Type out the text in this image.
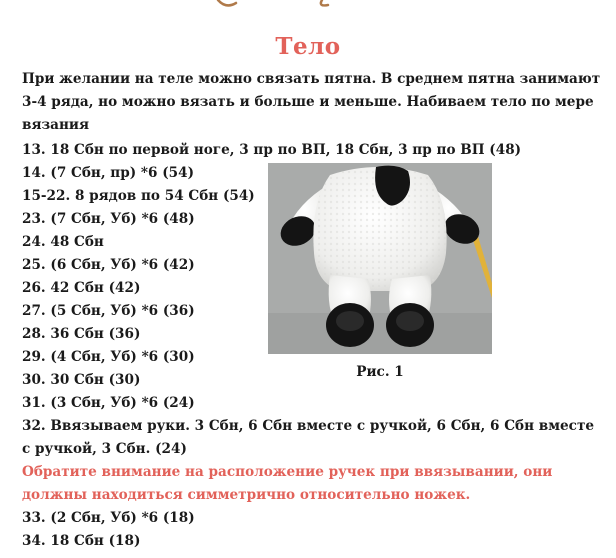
Тело
При желании на теле можно связать пятна. В среднем пятна занимают 3-4 ряда, но можно вязать и больше и меньше. Набиваем тело по мере вязания
13. 18 Сбн по первой ноге, 3 пр по ВП, 18 Сбн, 3 пр по ВП (48)
14. (7 Сбн, пр) *6 (54)
15-22. 8 рядов по 54 Сбн (54)
23. (7 Сбн, Уб) *6 (48)
24. 48 Сбн
25. (6 Сбн, Уб) *6 (42)
26. 42 Сбн (42)
27. (5 Сбн, Уб) *6 (36)
28. 36 Сбн (36)
29. (4 Сбн, Уб) *6 (30)
30. 30 Сбн (30)
31. (3 Сбн, Уб) *6 (24)
32. Ввязываем руки. 3 Сбн, 6 Сбн вместе с ручкой, 6 Сбн, 6 Сбн вместе с ручкой, 3 Сбн. (24)
Обратите внимание на расположение ручек при ввязывании, они должны находиться симметрично относительно ножек.
33. (2 Сбн, Уб) *6 (18)
34. 18 Сбн (18)
Рис. 1
